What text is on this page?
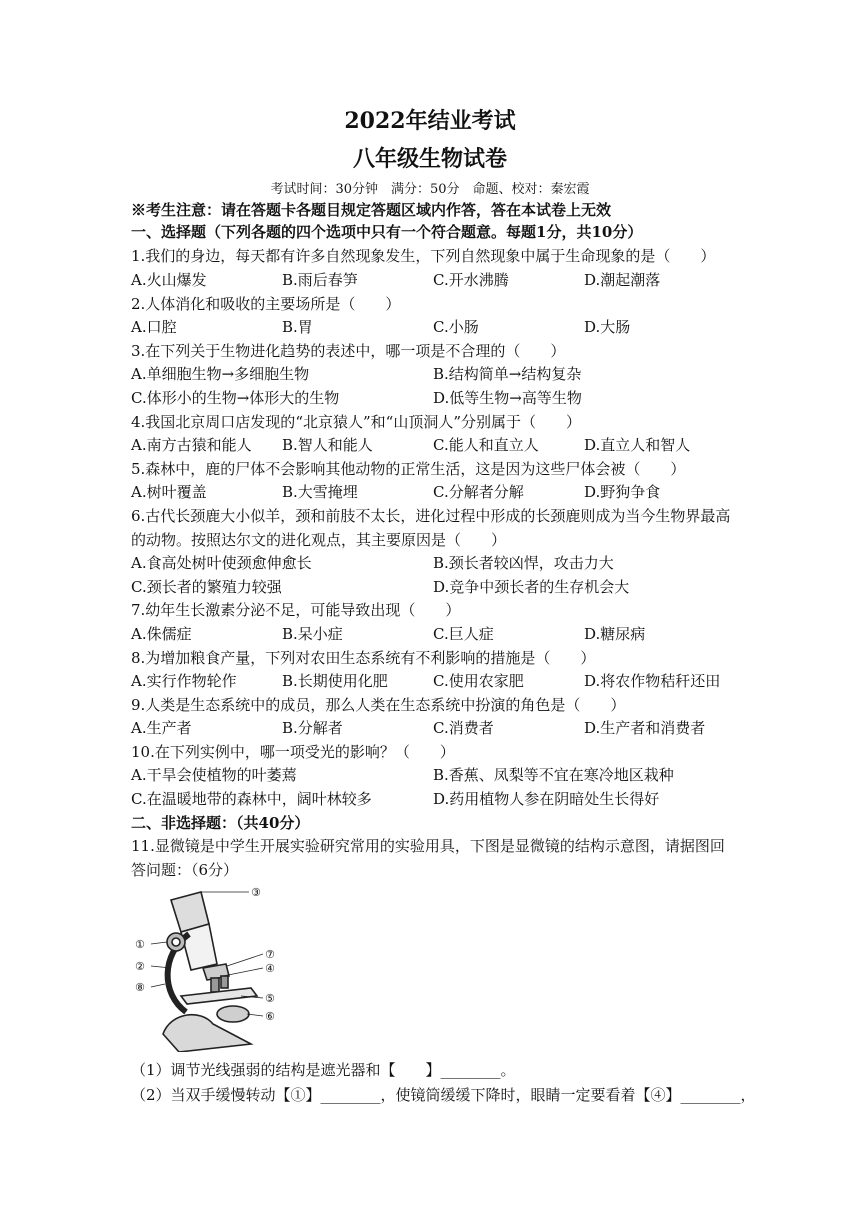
2022年结业考试
八年级生物试卷
考试时间：30分钟　满分：50分　命题、校对：秦宏霞
※考生注意：请在答题卡各题目规定答题区域内作答，答在本试卷上无效
一、选择题（下列各题的四个选项中只有一个符合题意。每题1分，共10分）
1.我们的身边，每天都有许多自然现象发生，下列自然现象中属于生命现象的是（　　）
A.火山爆发	B.雨后春笋	C.开水沸腾	D.潮起潮落
2.人体消化和吸收的主要场所是（　　）
A.口腔	B.胃	C.小肠	D.大肠
3.在下列关于生物进化趋势的表述中，哪一项是不合理的（　　）
A.单细胞生物→多细胞生物	B.结构简单→结构复杂
C.体形小的生物→体形大的生物	D.低等生物→高等生物
4.我国北京周口店发现的“北京猿人”和“山顶洞人”分别属于（　　）
A.南方古猿和能人 B.智人和能人	C.能人和直立人	D.直立人和智人
5.森林中，鹿的尸体不会影响其他动物的正常生活，这是因为这些尸体会被（　　）
A.树叶覆盖	B.大雪掩埋	C.分解者分解	D.野狗争食
6.古代长颈鹿大小似羊，颈和前肢不太长，进化过程中形成的长颈鹿则成为当今生物界最高
的动物。按照达尔文的进化观点，其主要原因是（　　）
A.食高处树叶使颈愈伸愈长	B.颈长者较凶悍，攻击力大
C.颈长者的繁殖力较强	D.竞争中颈长者的生存机会大
7.幼年生长激素分泌不足，可能导致出现（　　）
A.侏儒症	B.呆小症	C.巨人症	D.糖尿病
8.为增加粮食产量，下列对农田生态系统有不利影响的措施是（　　）
A.实行作物轮作	B.长期使用化肥	C.使用农家肥	D.将农作物秸秆还田
9.人类是生态系统中的成员，那么人类在生态系统中扮演的角色是（　　）
A.生产者	B.分解者	C.消费者	D.生产者和消费者
10.在下列实例中，哪一项受光的影响？（　　）
A.干旱会使植物的叶萎蔫	B.香蕉、凤梨等不宜在寒冷地区栽种
C.在温暖地带的森林中，阔叶林较多	D.药用植物人参在阴暗处生长得好
二、非选择题：（共40分）
11.显微镜是中学生开展实验研究常用的实验用具，下图是显微镜的结构示意图，请据图回
答问题：（6分）
①
②
⑧
③
⑦
④
⑤
⑥
（1）调节光线强弱的结构是遮光器和【　　】________。
（2）当双手缓慢转动【①】________，使镜筒缓缓下降时，眼睛一定要看着【④】________，
